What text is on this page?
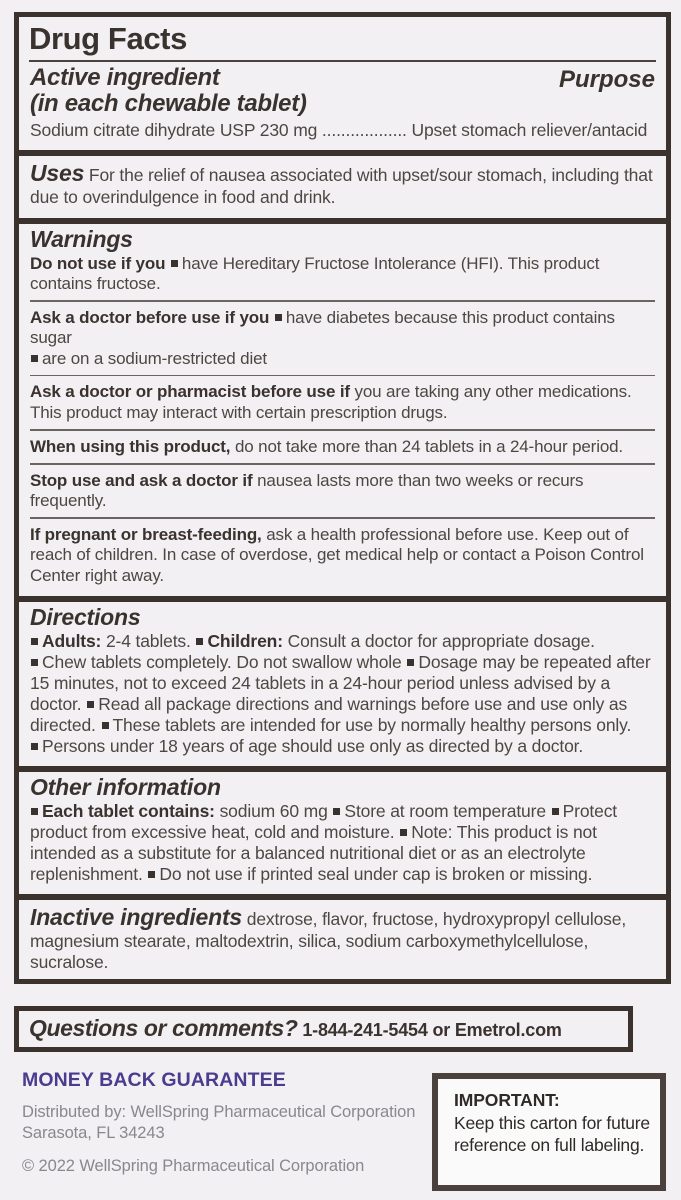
Drug Facts
Active ingredient
(in each chewable tablet)
Purpose
Sodium citrate dihydrate USP 230 mg .................. Upset stomach reliever/antacid
Uses For the relief of nausea associated with upset/sour stomach, including that due to overindulgence in food and drink.
Warnings
Do not use if you have Hereditary Fructose Intolerance (HFI). This product contains fructose.
Ask a doctor before use if you have diabetes because this product contains sugar
are on a sodium-restricted diet
Ask a doctor or pharmacist before use if you are taking any other medications. This product may interact with certain prescription drugs.
When using this product, do not take more than 24 tablets in a 24-hour period.
Stop use and ask a doctor if nausea lasts more than two weeks or recurs frequently.
If pregnant or breast-feeding, ask a health professional before use. Keep out of reach of children. In case of overdose, get medical help or contact a Poison Control Center right away.
Directions
Adults: 2-4 tablets. Children: Consult a doctor for appropriate dosage.
Chew tablets completely. Do not swallow whole Dosage may be repeated after 15 minutes, not to exceed 24 tablets in a 24-hour period unless advised by a doctor. Read all package directions and warnings before use and use only as directed. These tablets are intended for use by normally healthy persons only.
Persons under 18 years of age should use only as directed by a doctor.
Other information
Each tablet contains: sodium 60 mg Store at room temperature Protect product from excessive heat, cold and moisture. Note: This product is not intended as a substitute for a balanced nutritional diet or as an electrolyte replenishment. Do not use if printed seal under cap is broken or missing.
Inactive ingredients dextrose, flavor, fructose, hydroxypropyl cellulose, magnesium stearate, maltodextrin, silica, sodium carboxymethylcellulose, sucralose.
Questions or comments? 1-844-241-5454 or Emetrol.com
MONEY BACK GUARANTEE
Distributed by: WellSpring Pharmaceutical Corporation
Sarasota, FL 34243
© 2022 WellSpring Pharmaceutical Corporation
IMPORTANT:
Keep this carton for future
reference on full labeling.
